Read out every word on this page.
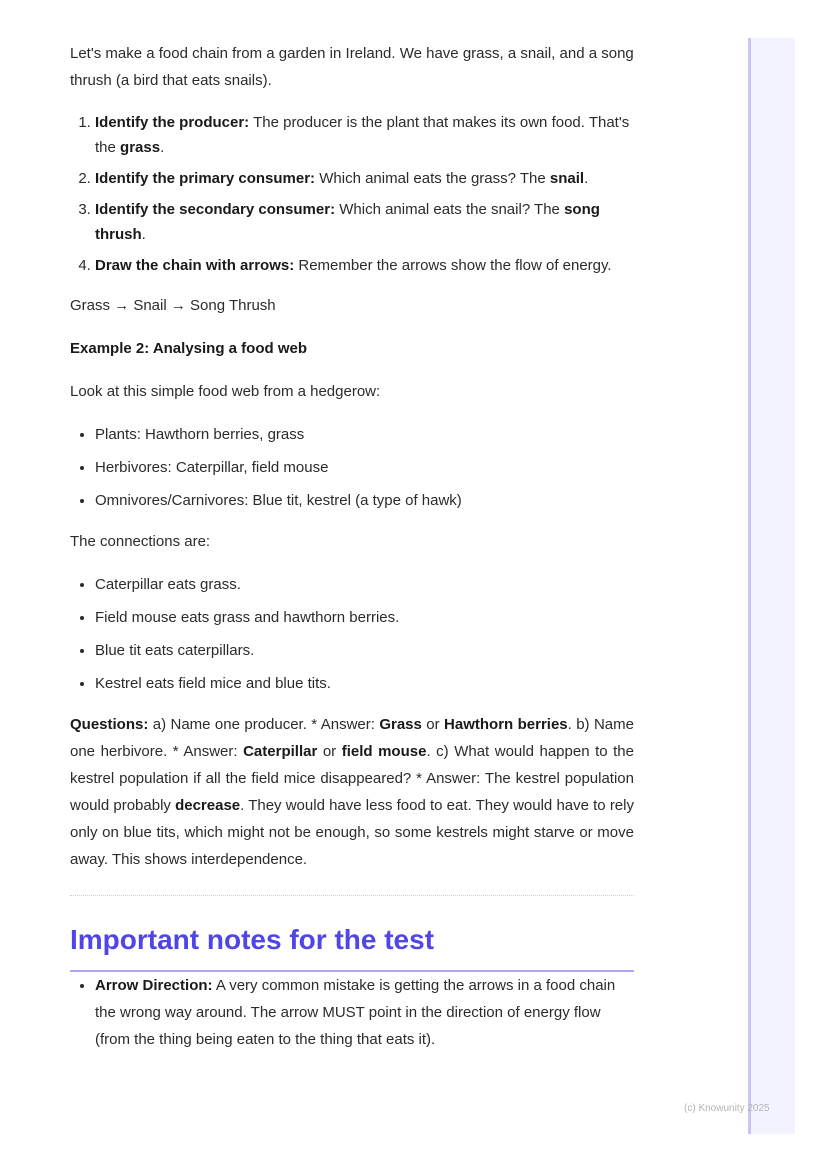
Let's make a food chain from a garden in Ireland. We have grass, a snail, and a song thrush (a bird that eats snails).

1. Identify the producer: The producer is the plant that makes its own food. That's the grass.
2. Identify the primary consumer: Which animal eats the grass? The snail.
3. Identify the secondary consumer: Which animal eats the snail? The song thrush.
4. Draw the chain with arrows: Remember the arrows show the flow of energy.

Grass → Snail → Song Thrush

Example 2: Analysing a food web

Look at this simple food web from a hedgerow:

• Plants: Hawthorn berries, grass
• Herbivores: Caterpillar, field mouse
• Omnivores/Carnivores: Blue tit, kestrel (a type of hawk)

The connections are:

• Caterpillar eats grass.
• Field mouse eats grass and hawthorn berries.
• Blue tit eats caterpillars.
• Kestrel eats field mice and blue tits.

Questions: a) Name one producer. * Answer: Grass or Hawthorn berries. b) Name one herbivore. * Answer: Caterpillar or field mouse. c) What would happen to the kestrel population if all the field mice disappeared? * Answer: The kestrel population would probably decrease. They would have less food to eat. They would have to rely only on blue tits, which might not be enough, so some kestrels might starve or move away. This shows interdependence.

Important notes for the test
• Arrow Direction: A very common mistake is getting the arrows in a food chain the wrong way around. The arrow MUST point in the direction of energy flow (from the thing being eaten to the thing that eats it).
(c) Knowunity 2025
